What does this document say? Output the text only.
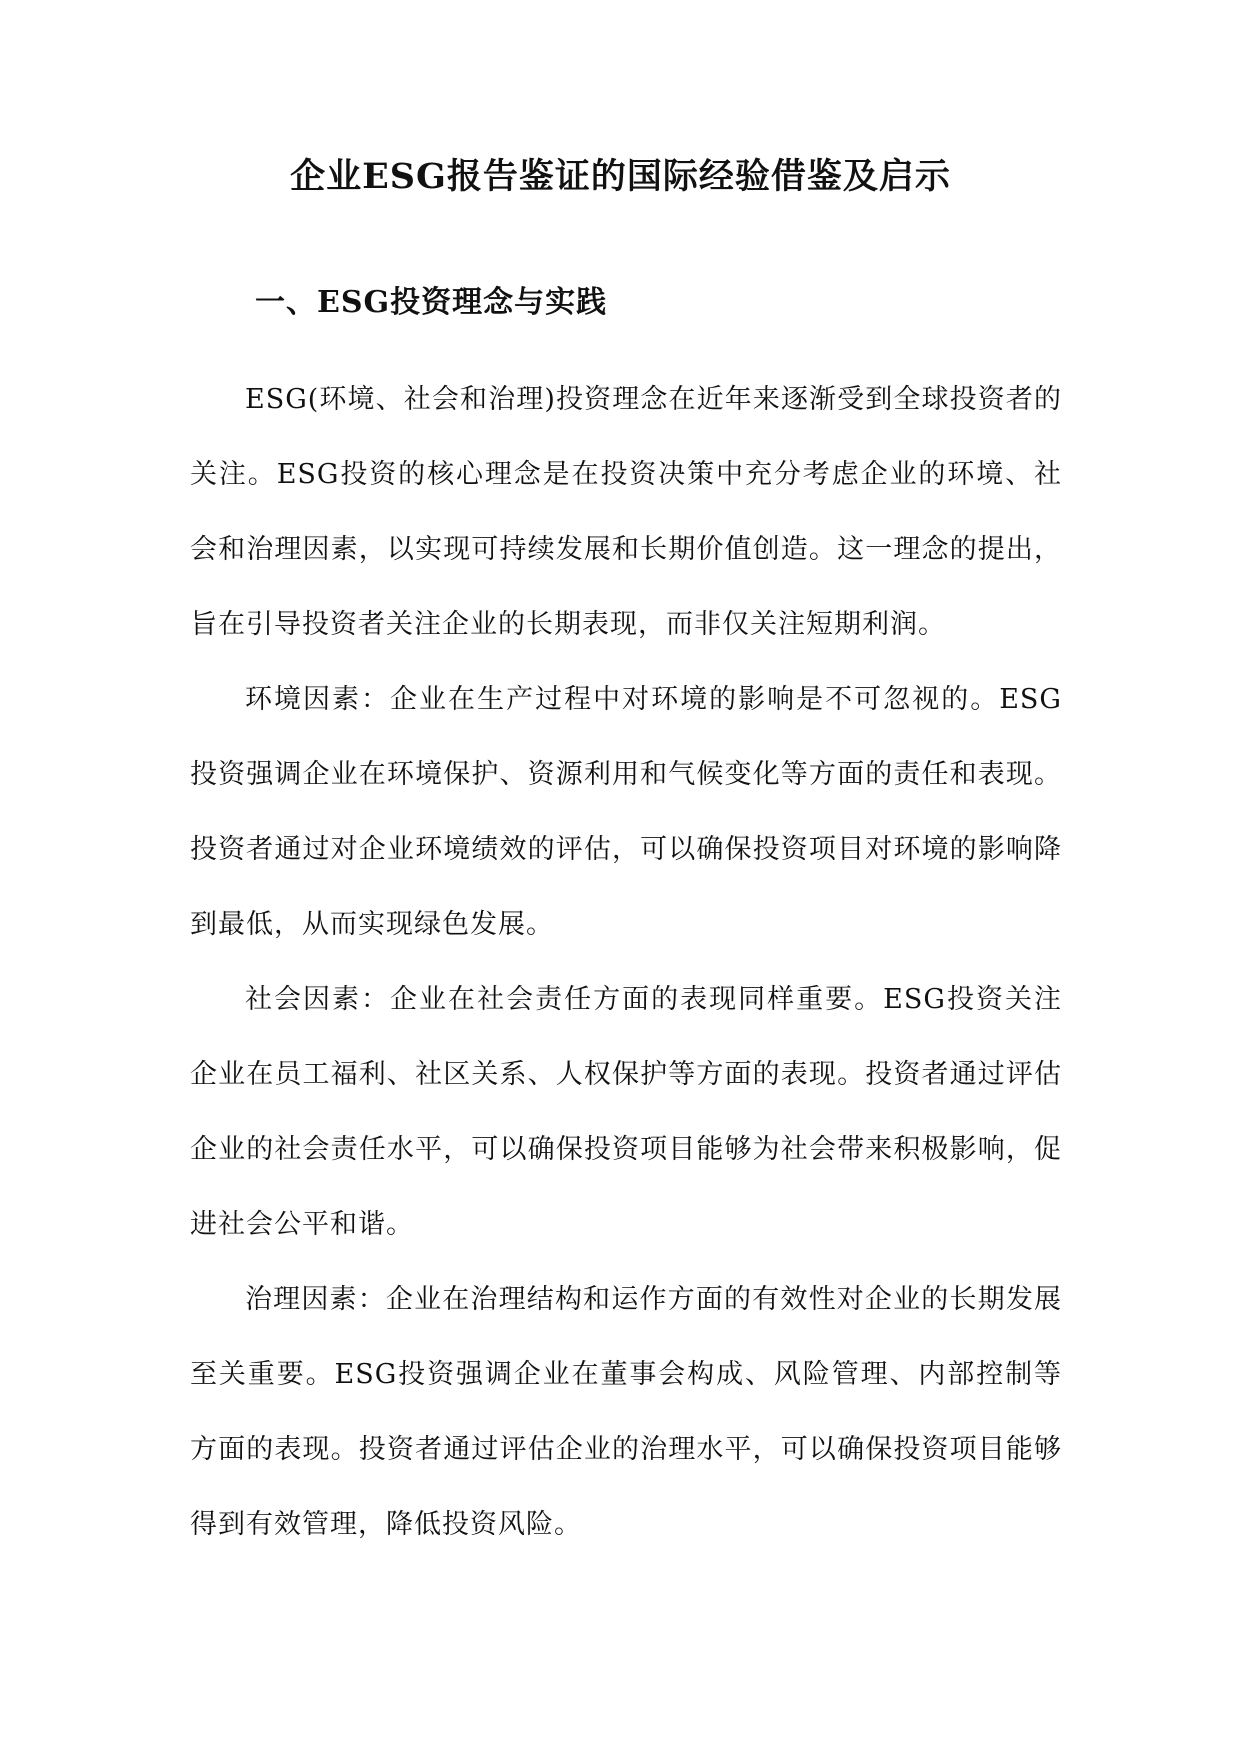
企业ESG报告鉴证的国际经验借鉴及启示
一、ESG投资理念与实践

ESG(环境、社会和治理)投资理念在近年来逐渐受到全球投资者的关注。ESG投资的核心理念是在投资决策中充分考虑企业的环境、社会和治理因素，以实现可持续发展和长期价值创造。这一理念的提出，旨在引导投资者关注企业的长期表现，而非仅关注短期利润。

环境因素：企业在生产过程中对环境的影响是不可忽视的。ESG投资强调企业在环境保护、资源利用和气候变化等方面的责任和表现。投资者通过对企业环境绩效的评估，可以确保投资项目对环境的影响降到最低，从而实现绿色发展。

社会因素：企业在社会责任方面的表现同样重要。ESG投资关注企业在员工福利、社区关系、人权保护等方面的表现。投资者通过评估企业的社会责任水平，可以确保投资项目能够为社会带来积极影响，促进社会公平和谐。

治理因素：企业在治理结构和运作方面的有效性对企业的长期发展至关重要。ESG投资强调企业在董事会构成、风险管理、内部控制等方面的表现。投资者通过评估企业的治理水平，可以确保投资项目能够得到有效管理，降低投资风险。
